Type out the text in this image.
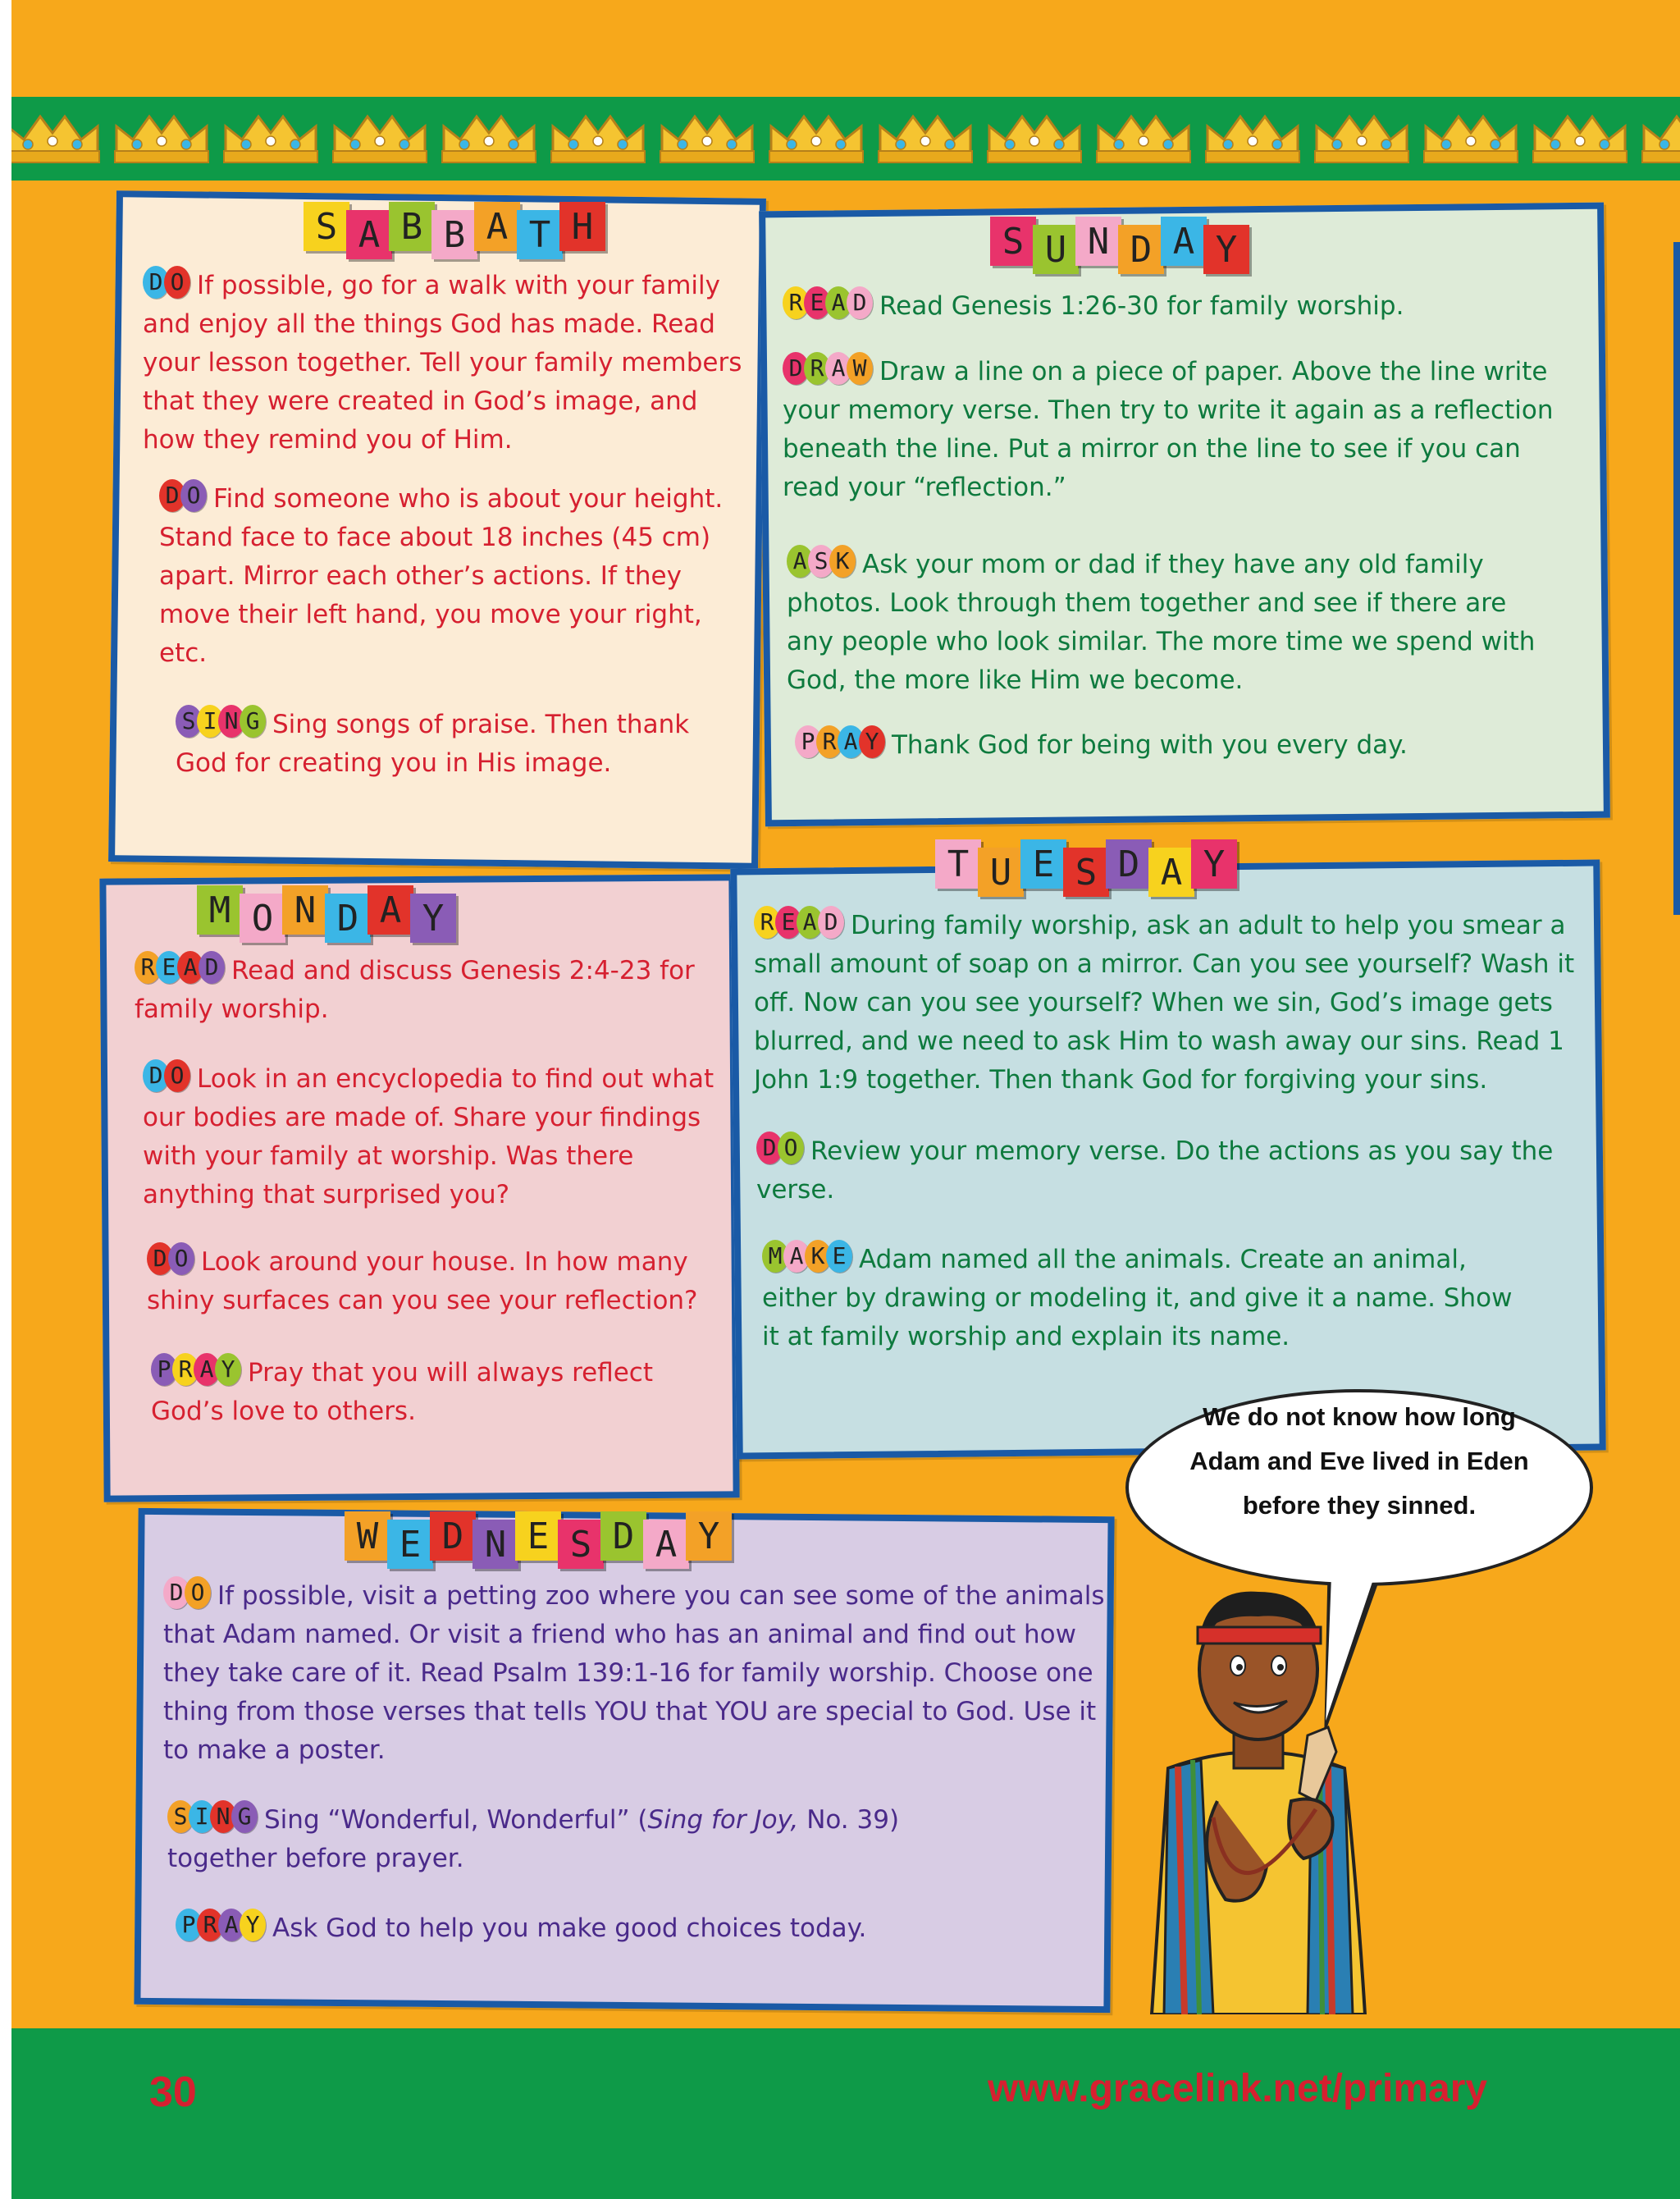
S A B B A T H	S U N D A Y
M O N D A Y
T U E S D A Y
W E D N E S D A Y
D O If possible, go for a walk with your family and enjoy all the things God has made. Read your lesson together. Tell your family members that they were created in God’s image, and how they remind you of Him.
D O Find someone who is about your height. Stand face to face about 18 inches (45 cm) apart. Mirror each other’s actions. If they move their left hand, you move your right, etc.
S I N G Sing songs of praise. Then thank God for creating you in His image.
R E A D Read Genesis 1:26-30 for family worship.
D R A W Draw a line on a piece of paper. Above the line write your memory verse. Then try to write it again as a reflection beneath the line. Put a mirror on the line to see if you can read your “reflection.”
A S K Ask your mom or dad if they have any old family photos. Look through them together and see if there are any people who look similar. The more time we spend with God, the more like Him we become.
P R A Y Thank God for being with you every day.
R E A D Read and discuss Genesis 2:4-23 for family worship.
D O Look in an encyclopedia to find out what our bodies are made of. Share your findings with your family at worship. Was there anything that surprised you?
D O Look around your house. In how many shiny surfaces can you see your reflection?
P R A Y Pray that you will always reflect God’s love to others.
R E A D During family worship, ask an adult to help you smear a small amount of soap on a mirror. Can you see yourself? Wash it off. Now can you see yourself? When we sin, God’s image gets blurred, and we need to ask Him to wash away our sins. Read 1 John 1:9 together. Then thank God for forgiving your sins.
D O Review your memory verse. Do the actions as you say the verse.
M A K E Adam named all the animals. Create an animal, either by drawing or modeling it, and give it a name. Show it at family worship and explain its name.
D O If possible, visit a petting zoo where you can see some of the animals that Adam named. Or visit a friend who has an animal and find out how they take care of it. Read Psalm 139:1-16 for family worship. Choose one thing from those verses that tells YOU that YOU are special to God. Use it to make a poster.
S I N G Sing “Wonderful, Wonderful” (Sing for Joy, No. 39) together before prayer.
P R A Y Ask God to help you make good choices today.
We do not know how long Adam and Eve lived in Eden before they sinned.
30	www.gracelink.net/primary
